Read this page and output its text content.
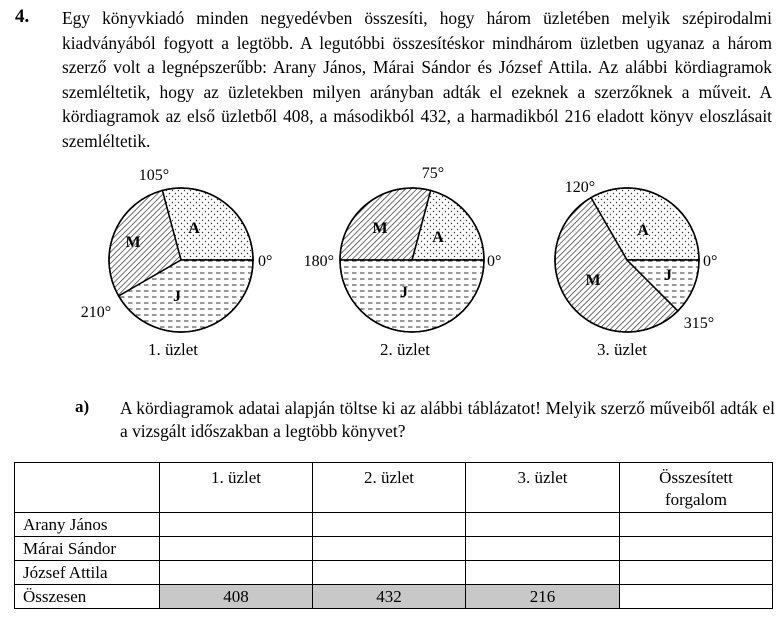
4. Egy könyvkiadó minden negyedévben összesíti, hogy három üzletében melyik szépirodalmi kiadványából fogyott a legtöbb. A legutóbbi összesítéskor mindhárom üzletben ugyanaz a három szerző volt a legnépszerűbb: Arany János, Márai Sándor és József Attila. Az alábbi kördiagramok szemléltetik, hogy az üzletekben milyen arányban adták el ezeknek a szerzőknek a műveit. A kördiagramok az első üzletből 408, a másodikból 432, a harmadikból 216 eladott könyv eloszlásait szemléltetik.

A
M
J
105°
0°
210°
1. üzlet
A
M
J
75°
180°	0°
2. üzlet
A
M	J
120°
0°
315°
3. üzlet
a) A kördiagramok adatai alapján töltse ki az alábbi táblázatot! Melyik szerző műveiből adták el a vizsgált időszakban a legtöbb könyvet?
	1. üzlet	2. üzlet	3. üzlet	Összesített forgalom
Arany János				
Márai Sándor				
József Attila				
Összesen	408	432	216	
